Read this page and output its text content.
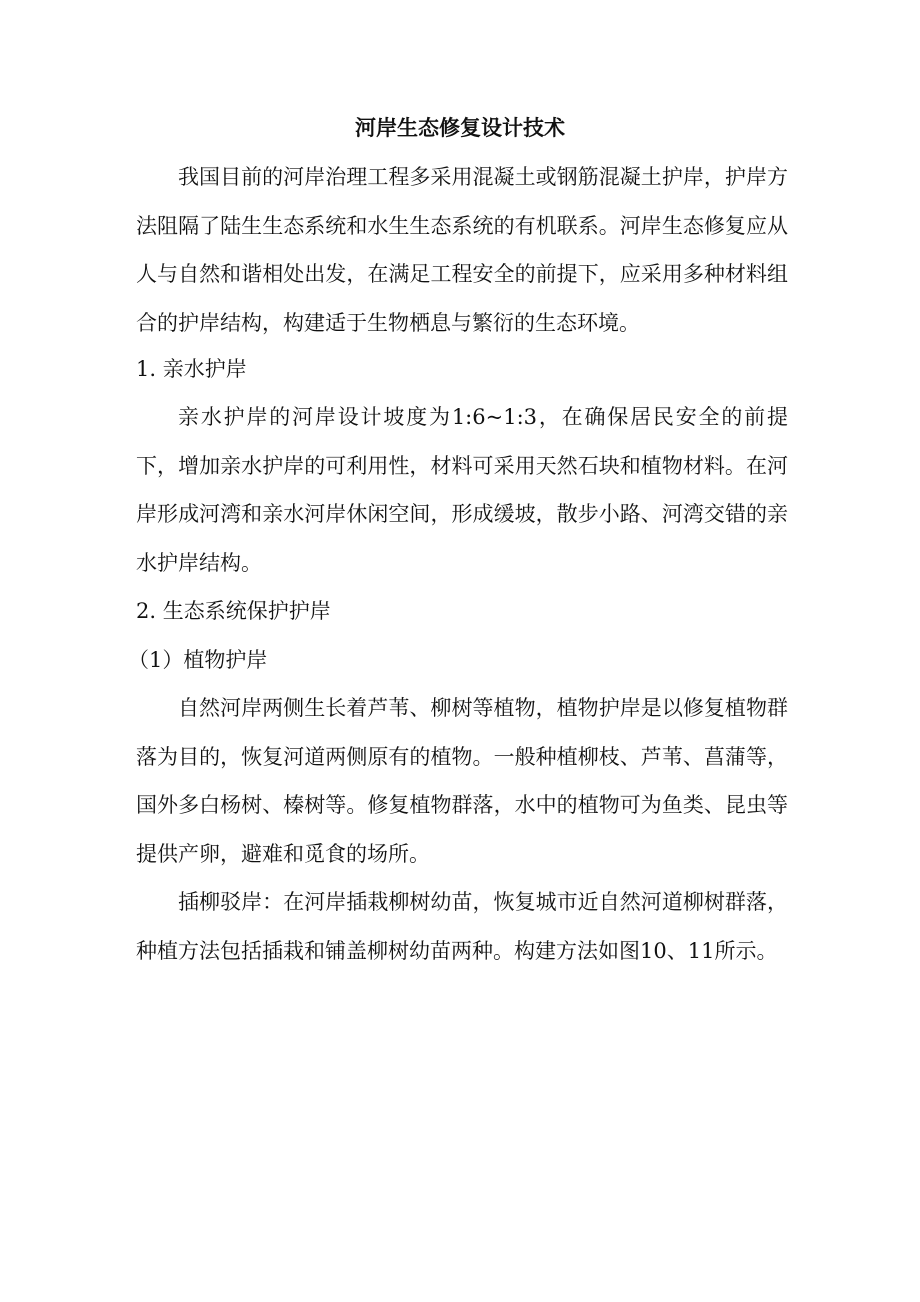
河岸生态修复设计技术

我国目前的河岸治理工程多采用混凝土或钢筋混凝土护岸，护岸方法阻隔了陆生生态系统和水生生态系统的有机联系。河岸生态修复应从人与自然和谐相处出发，在满足工程安全的前提下，应采用多种材料组合的护岸结构，构建适于生物栖息与繁衍的生态环境。

1. 亲水护岸

亲水护岸的河岸设计坡度为1:6~1:3，在确保居民安全的前提下，增加亲水护岸的可利用性，材料可采用天然石块和植物材料。在河岸形成河湾和亲水河岸休闲空间，形成缓坡，散步小路、河湾交错的亲水护岸结构。

2. 生态系统保护护岸

（1）植物护岸

自然河岸两侧生长着芦苇、柳树等植物，植物护岸是以修复植物群落为目的，恢复河道两侧原有的植物。一般种植柳枝、芦苇、菖蒲等，国外多白杨树、榛树等。修复植物群落，水中的植物可为鱼类、昆虫等提供产卵，避难和觅食的场所。

插柳驳岸：在河岸插栽柳树幼苗，恢复城市近自然河道柳树群落，种植方法包括插栽和铺盖柳树幼苗两种。构建方法如图10、11所示。
